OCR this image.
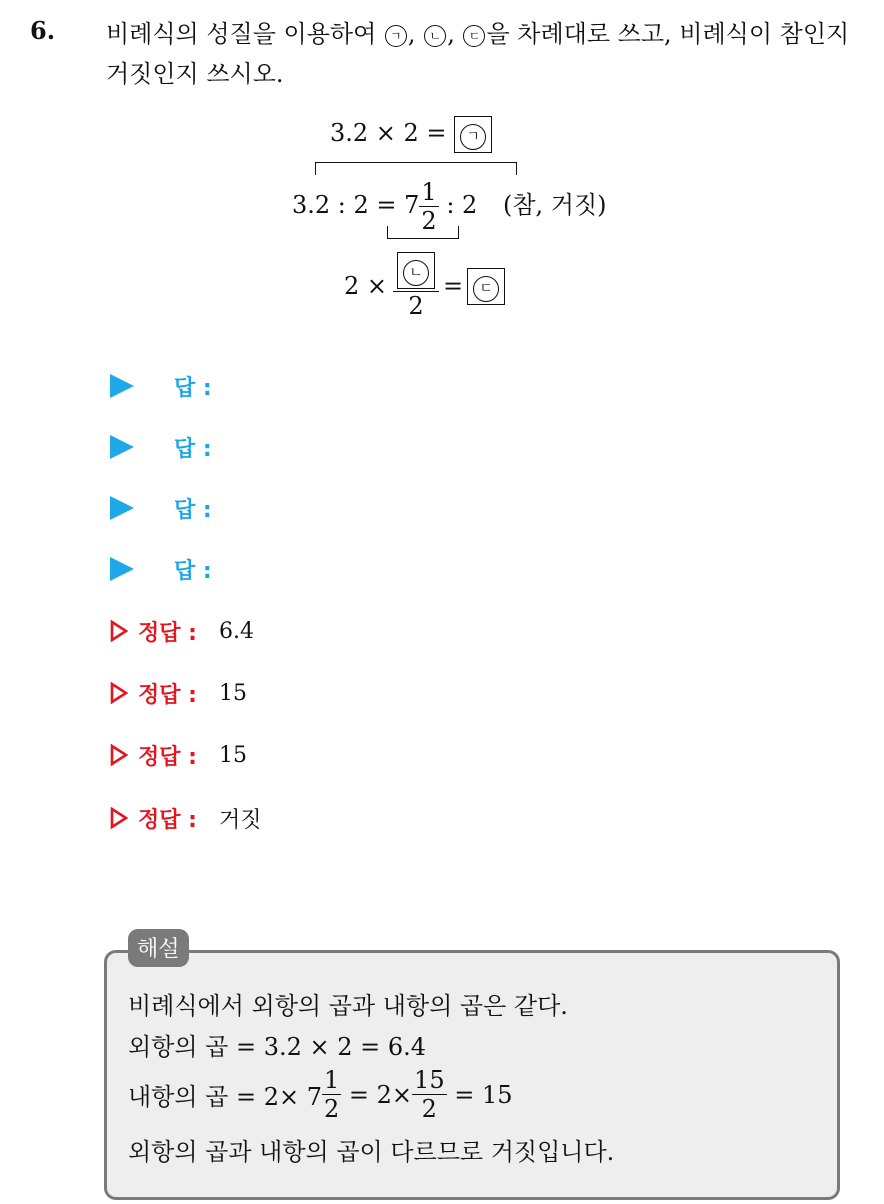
6. 비례식의 성질을 이용하여 ㄱ , ㄴ , ㄷ 을 차례대로 쓰고, 비례식이 참인지 거짓인지 쓰시오.
3.2 × 2 = ㄱ
3.2 : $2 = 7 \frac{1}{2}$ : 2 (참, 거짓)
$2 \times \frac{\text{ㄴ}}{2}$ =	ㄷ
답 :
답 :
답 :
답 :
정답 : 6.4
정답 : 15
정답 : 15
정답 : 거짓
해설
비례식에서 외항의 곱과 내항의 곱은 같다.
외항의 곱 = 3.2 × 2 = 6.4
내항의 곱 = $2\times 7 \frac{1}{2} = 2\times \frac{15}{2} = 15$
외항의 곱과 내항의 곱이 다르므로 거짓입니다.
